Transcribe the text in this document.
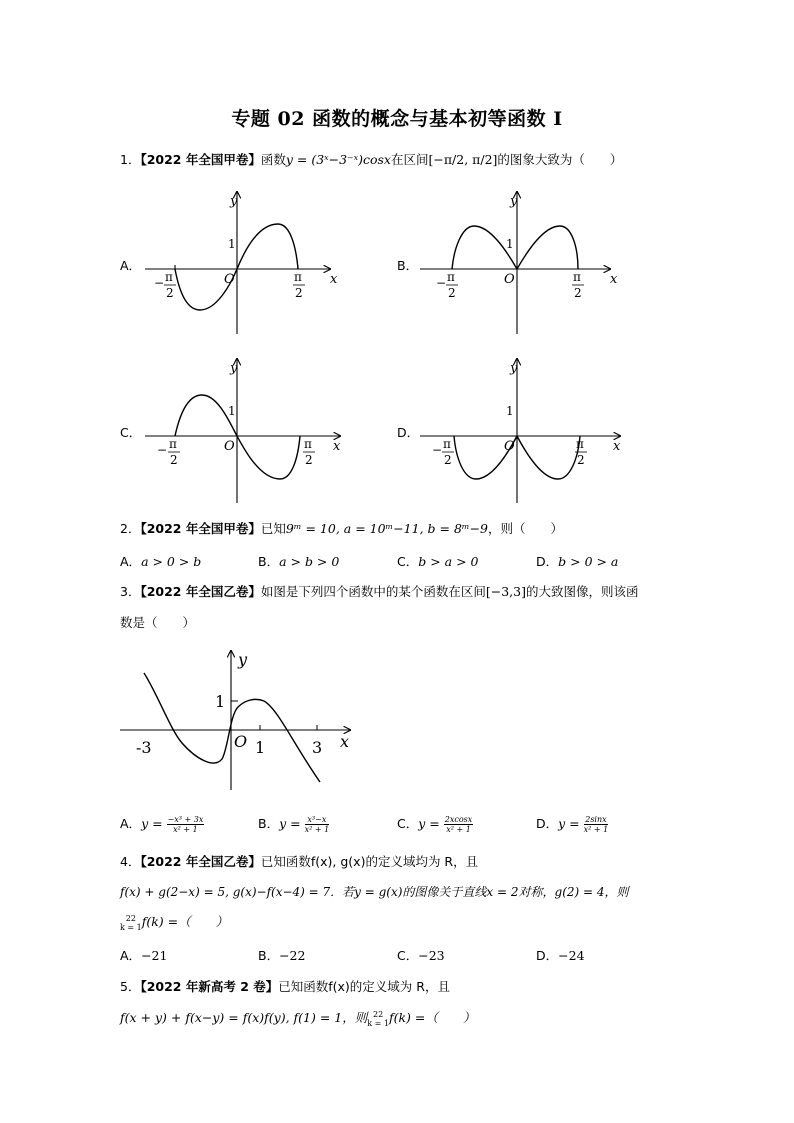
专题 02 函数的概念与基本初等函数 I
1．【2022 年全国甲卷】函数y = (3ˣ−3⁻ˣ)cosx在区间[−π/2, π/2]的图象大致为（　　）
A．	B．
C．	D．
y
x
O
1
− π
2
π
2
y
x
O
1
− π
2
π
2
y
x
O
1
− π
2
π
2
y
x
O
1
− π
2
π
2
2．【2022 年全国甲卷】已知9ᵐ = 10, a = 10ᵐ−11, b = 8ᵐ−9，则（　　）
A．a > 0 > b	B．a > b > 0	C．b > a > 0	D．b > 0 > a
3．【2022 年全国乙卷】如图是下列四个函数中的某个函数在区间[−3,3]的大致图像，则该函
数是（　　）
y
x
O
1
1	3
-3
A．$y = \frac{\text{−x³ + 3x}}{\text{x² + 1}}$	B．$y = \frac{\text{x³−x}}{\text{x² + 1}}$	C．$y = \frac{2xcosx}{\text{x² + 1}}$	D．$y = \frac{2\sin x}{\text{x² + 1}}$
4．【2022 年全国乙卷】已知函数f(x), g(x)的定义域均为 R，且
f(x) + g(2−x) = 5, g(x)−f(x−4) = 7．若y = g(x)的图像关于直线x = 2对称，g(2) = 4，则
22
k = 1 f(k) =（　　）
A．−21	B．−22	C．−23	D．−24
5．【2022 年新高考 2 卷】已知函数f(x)的定义域为 R，且
f(x + y) + f(x−y) = f(x)f(y), f(1) = 1，则 22
k = 1 f(k) =（　　）
